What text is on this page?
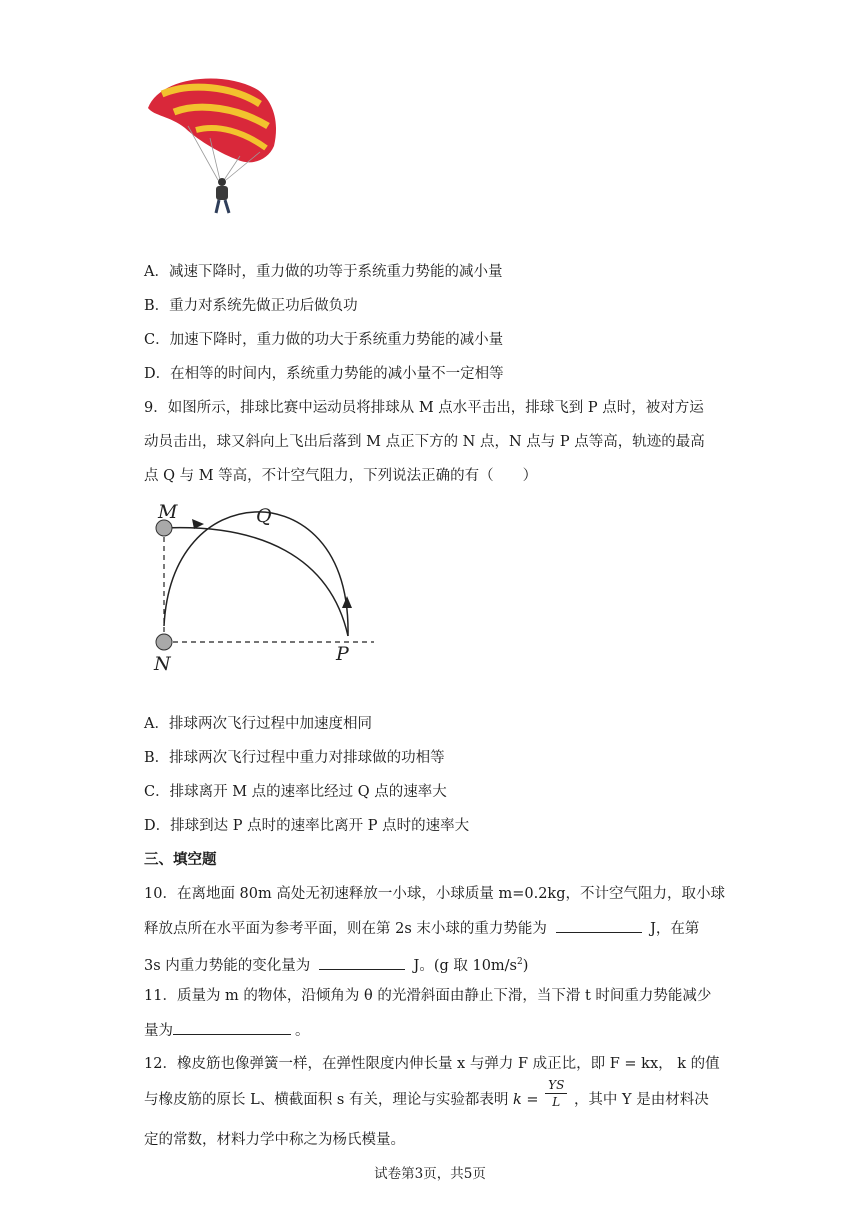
A．减速下降时，重力做的功等于系统重力势能的减小量
B．重力对系统先做正功后做负功
C．加速下降时，重力做的功大于系统重力势能的减小量
D．在相等的时间内，系统重力势能的减小量不一定相等
9．如图所示，排球比赛中运动员将排球从 M 点水平击出，排球飞到 P 点时，被对方运
动员击出，球又斜向上飞出后落到 M 点正下方的 N 点，N 点与 P 点等高，轨迹的最高
点 Q 与 M 等高，不计空气阻力，下列说法正确的有（　　）
M	Q
N	P
A．排球两次飞行过程中加速度相同
B．排球两次飞行过程中重力对排球做的功相等
C．排球离开 M 点的速率比经过 Q 点的速率大
D．排球到达 P 点时的速率比离开 P 点时的速率大
三、填空题
10．在离地面 80m 高处无初速释放一小球，小球质量 m=0.2kg，不计空气阻力，取小球
释放点所在水平面为参考平面，则在第 2s 末小球的重力势能为	J，在第
3s 内重力势能的变化量为	J。(g 取 $10m/s^2$)
11．质量为 m 的物体，沿倾角为 θ 的光滑斜面由静止下滑，当下滑 t 时间重力势能减少
量为	。
12．橡皮筋也像弹簧一样，在弹性限度内伸长量 x 与弹力 F 成正比，即 F = kx， k 的值
与橡皮筋的原长 L、横截面积 s 有关，理论与实验都表明 $k = \frac{YS}{L}$ ，其中 Y 是由材料决
定的常数，材料力学中称之为杨氏模量。
试卷第3页，共5页
